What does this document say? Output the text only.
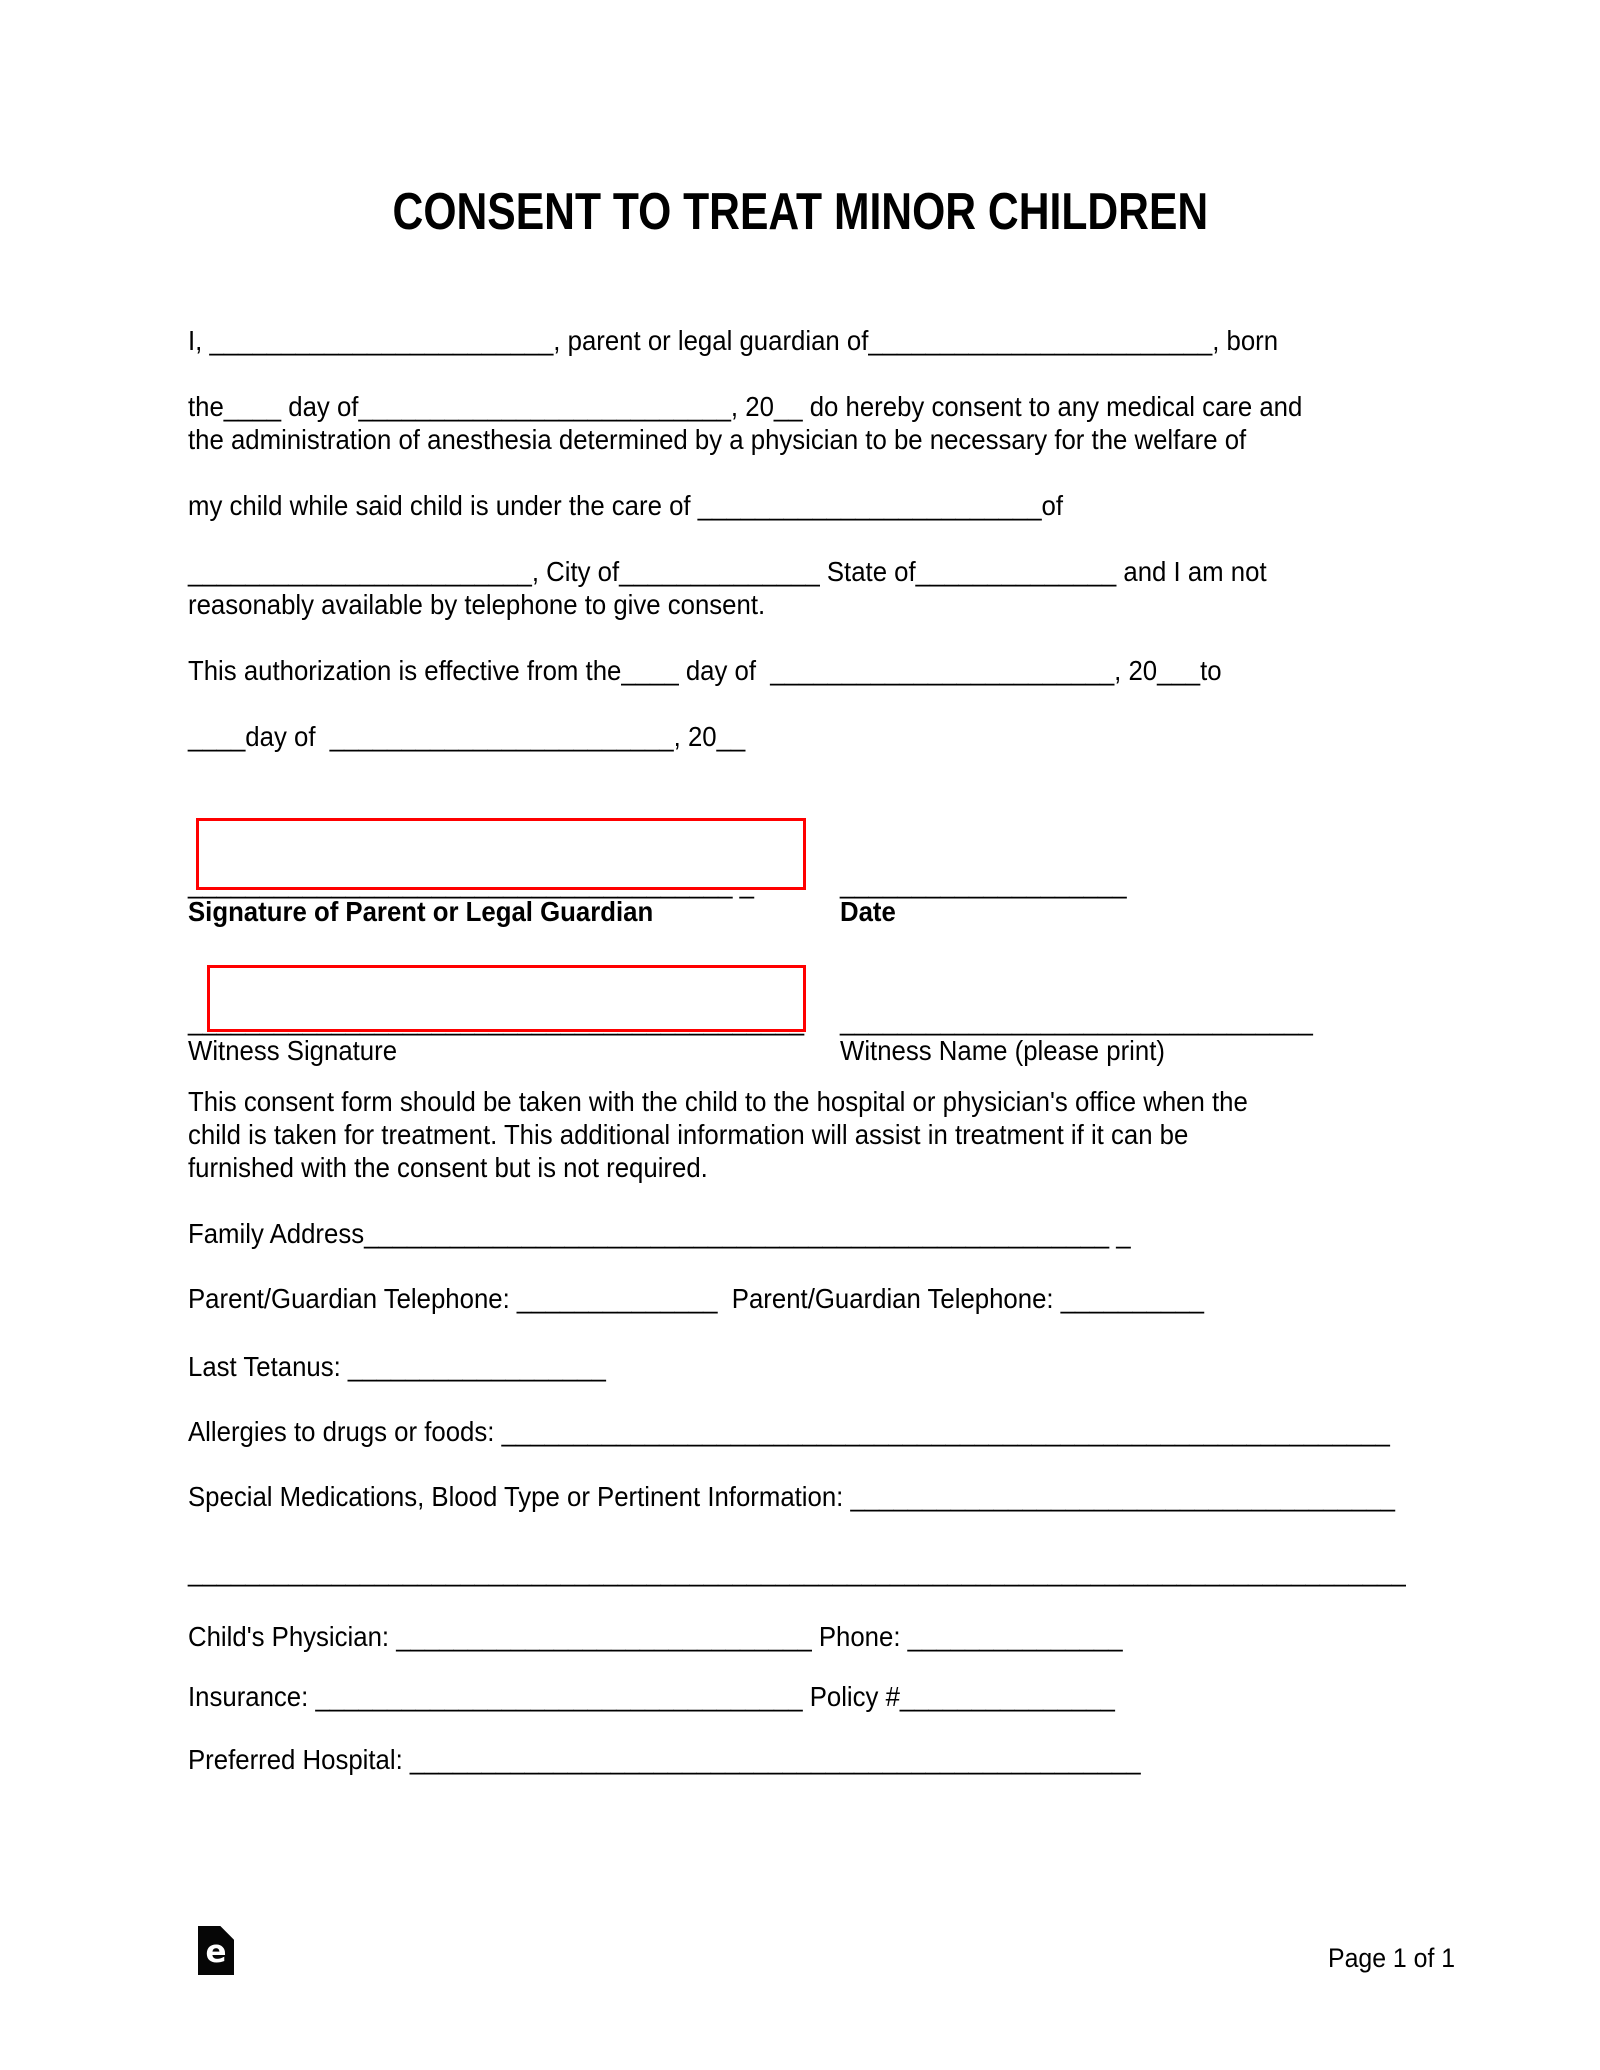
CONSENT TO TREAT MINOR CHILDREN
I, ________________________, parent or legal guardian of________________________, born
the____ day of__________________________, 20__ do hereby consent to any medical care and
the administration of anesthesia determined by a physician to be necessary for the welfare of
my child while said child is under the care of ________________________of
________________________, City of______________ State of______________ and I am not
reasonably available by telephone to give consent.
This authorization is effective from the____ day of  ________________________, 20___to
____day of  ________________________, 20__
______________________________________ _	____________________
Signature of Parent or Legal Guardian	Date
___________________________________________ _________________________________
Witness Signature	Witness Name (please print)
This consent form should be taken with the child to the hospital or physician's office when the
child is taken for treatment. This additional information will assist in treatment if it can be
furnished with the consent but is not required.
Family Address____________________________________________________ _
Parent/Guardian Telephone: ______________  Parent/Guardian Telephone: __________
Last Tetanus: __________________
Allergies to drugs or foods: ______________________________________________________________
Special Medications, Blood Type or Pertinent Information: ______________________________________
_____________________________________________________________________________________
Child's Physician: _____________________________ Phone: _______________
Insurance: __________________________________ Policy #_______________
Preferred Hospital: ___________________________________________________
e	Page 1 of 1
